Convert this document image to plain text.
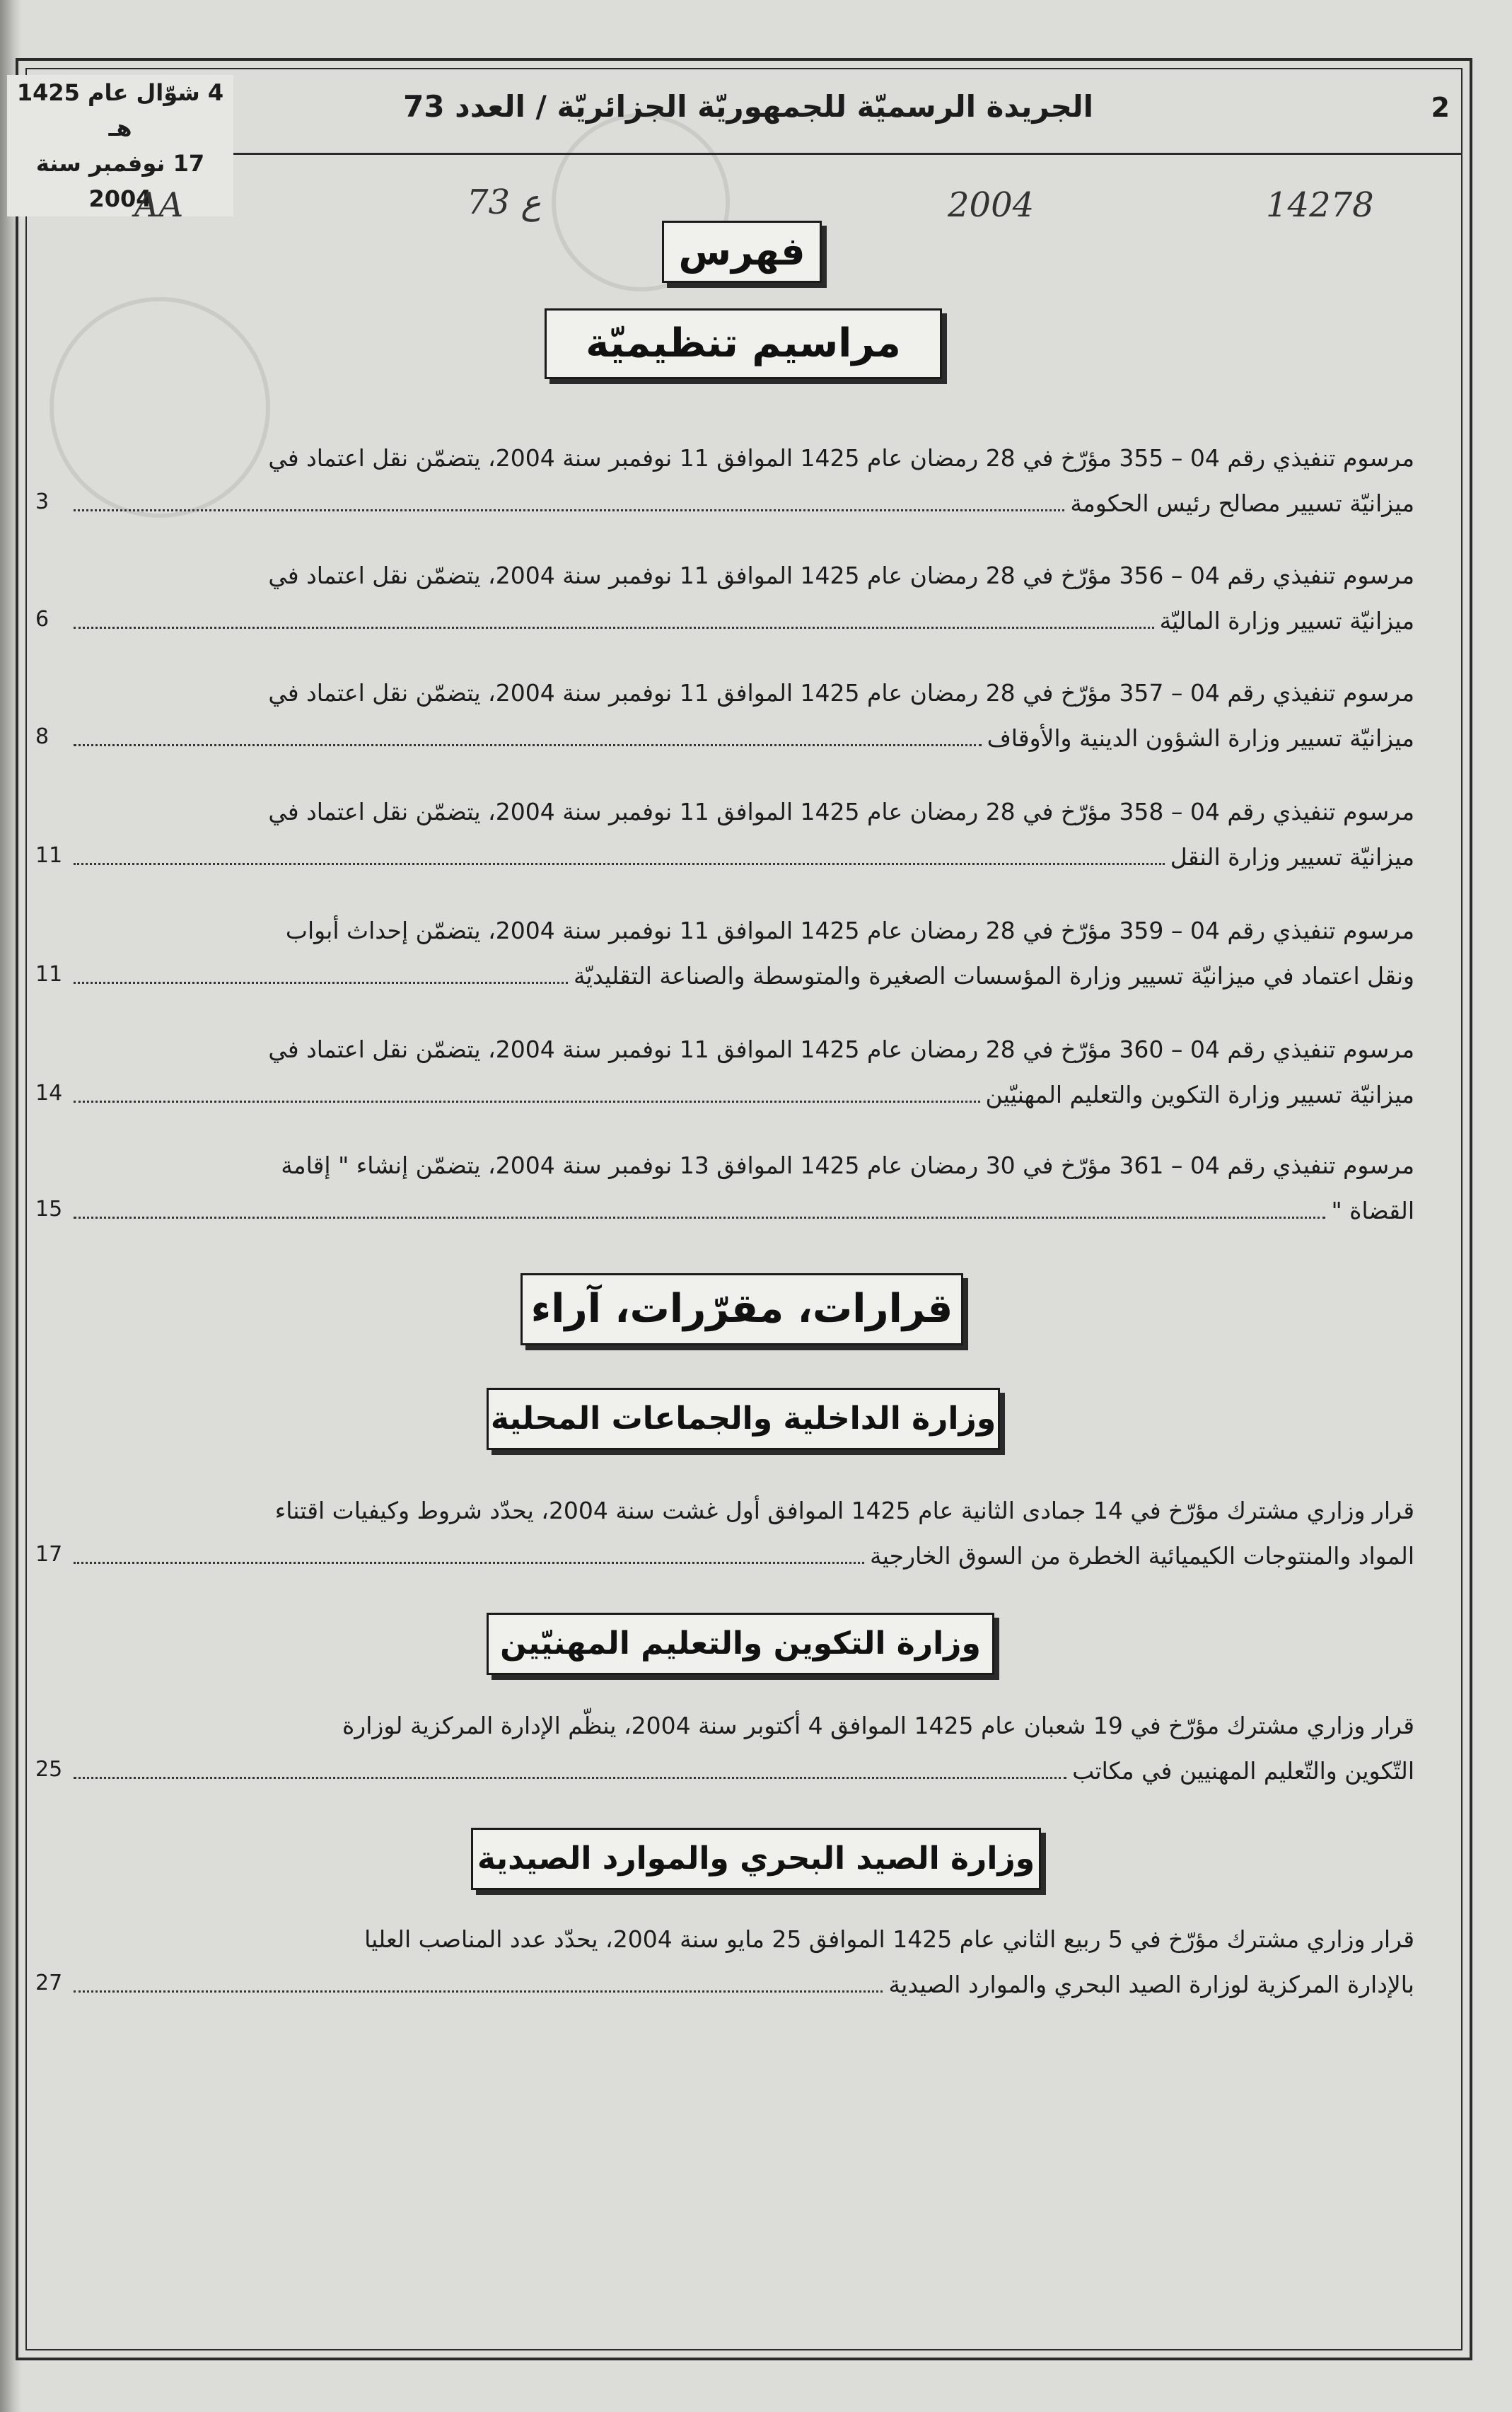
2
الجريدة الرسميّة للجمهوريّة الجزائريّة / العدد 73
4 شوّال عام 1425 هـ
17 نوفمبر سنة 2004
AA	73 ع	2004	14278
فهرس
مراسيم تنظيميّة

مرسوم تنفيذي رقم 04 – 355 مؤرّخ في 28 رمضان عام 1425 الموافق 11 نوفمبر سنة 2004، يتضمّن نقل اعتماد في

ميزانيّة تسيير مصالح رئيس الحكومة
3

مرسوم تنفيذي رقم 04 – 356 مؤرّخ في 28 رمضان عام 1425 الموافق 11 نوفمبر سنة 2004، يتضمّن نقل اعتماد في

ميزانيّة تسيير وزارة الماليّة
6

مرسوم تنفيذي رقم 04 – 357 مؤرّخ في 28 رمضان عام 1425 الموافق 11 نوفمبر سنة 2004، يتضمّن نقل اعتماد في

ميزانيّة تسيير وزارة الشؤون الدينية والأوقاف
8

مرسوم تنفيذي رقم 04 – 358 مؤرّخ في 28 رمضان عام 1425 الموافق 11 نوفمبر سنة 2004، يتضمّن نقل اعتماد في

ميزانيّة تسيير وزارة النقل
11

مرسوم تنفيذي رقم 04 – 359 مؤرّخ في 28 رمضان عام 1425 الموافق 11 نوفمبر سنة 2004، يتضمّن إحداث أبواب

ونقل اعتماد في ميزانيّة تسيير وزارة المؤسسات الصغيرة والمتوسطة والصناعة التقليديّة
11

مرسوم تنفيذي رقم 04 – 360 مؤرّخ في 28 رمضان عام 1425 الموافق 11 نوفمبر سنة 2004، يتضمّن نقل اعتماد في

ميزانيّة تسيير وزارة التكوين والتعليم المهنيّين
14

مرسوم تنفيذي رقم 04 – 361 مؤرّخ في 30 رمضان عام 1425 الموافق 13 نوفمبر سنة 2004، يتضمّن إنشاء " إقامة

القضاة "
15
قرارات، مقرّرات، آراء
وزارة الداخلية والجماعات المحلية

قرار وزاري مشترك مؤرّخ في 14 جمادى الثانية عام 1425 الموافق أول غشت سنة 2004، يحدّد شروط وكيفيات اقتناء

المواد والمنتوجات الكيميائية الخطرة من السوق الخارجية
17
وزارة التكوين والتعليم المهنيّين

قرار وزاري مشترك مؤرّخ في 19 شعبان عام 1425 الموافق 4 أكتوبر سنة 2004، ينظّم الإدارة المركزية لوزارة

التّكوين والتّعليم المهنيين في مكاتب
25
وزارة الصيد البحري والموارد الصيدية

قرار وزاري مشترك مؤرّخ في 5 ربيع الثاني عام 1425 الموافق 25 مايو سنة 2004، يحدّد عدد المناصب العليا

بالإدارة المركزية لوزارة الصيد البحري والموارد الصيدية
27
